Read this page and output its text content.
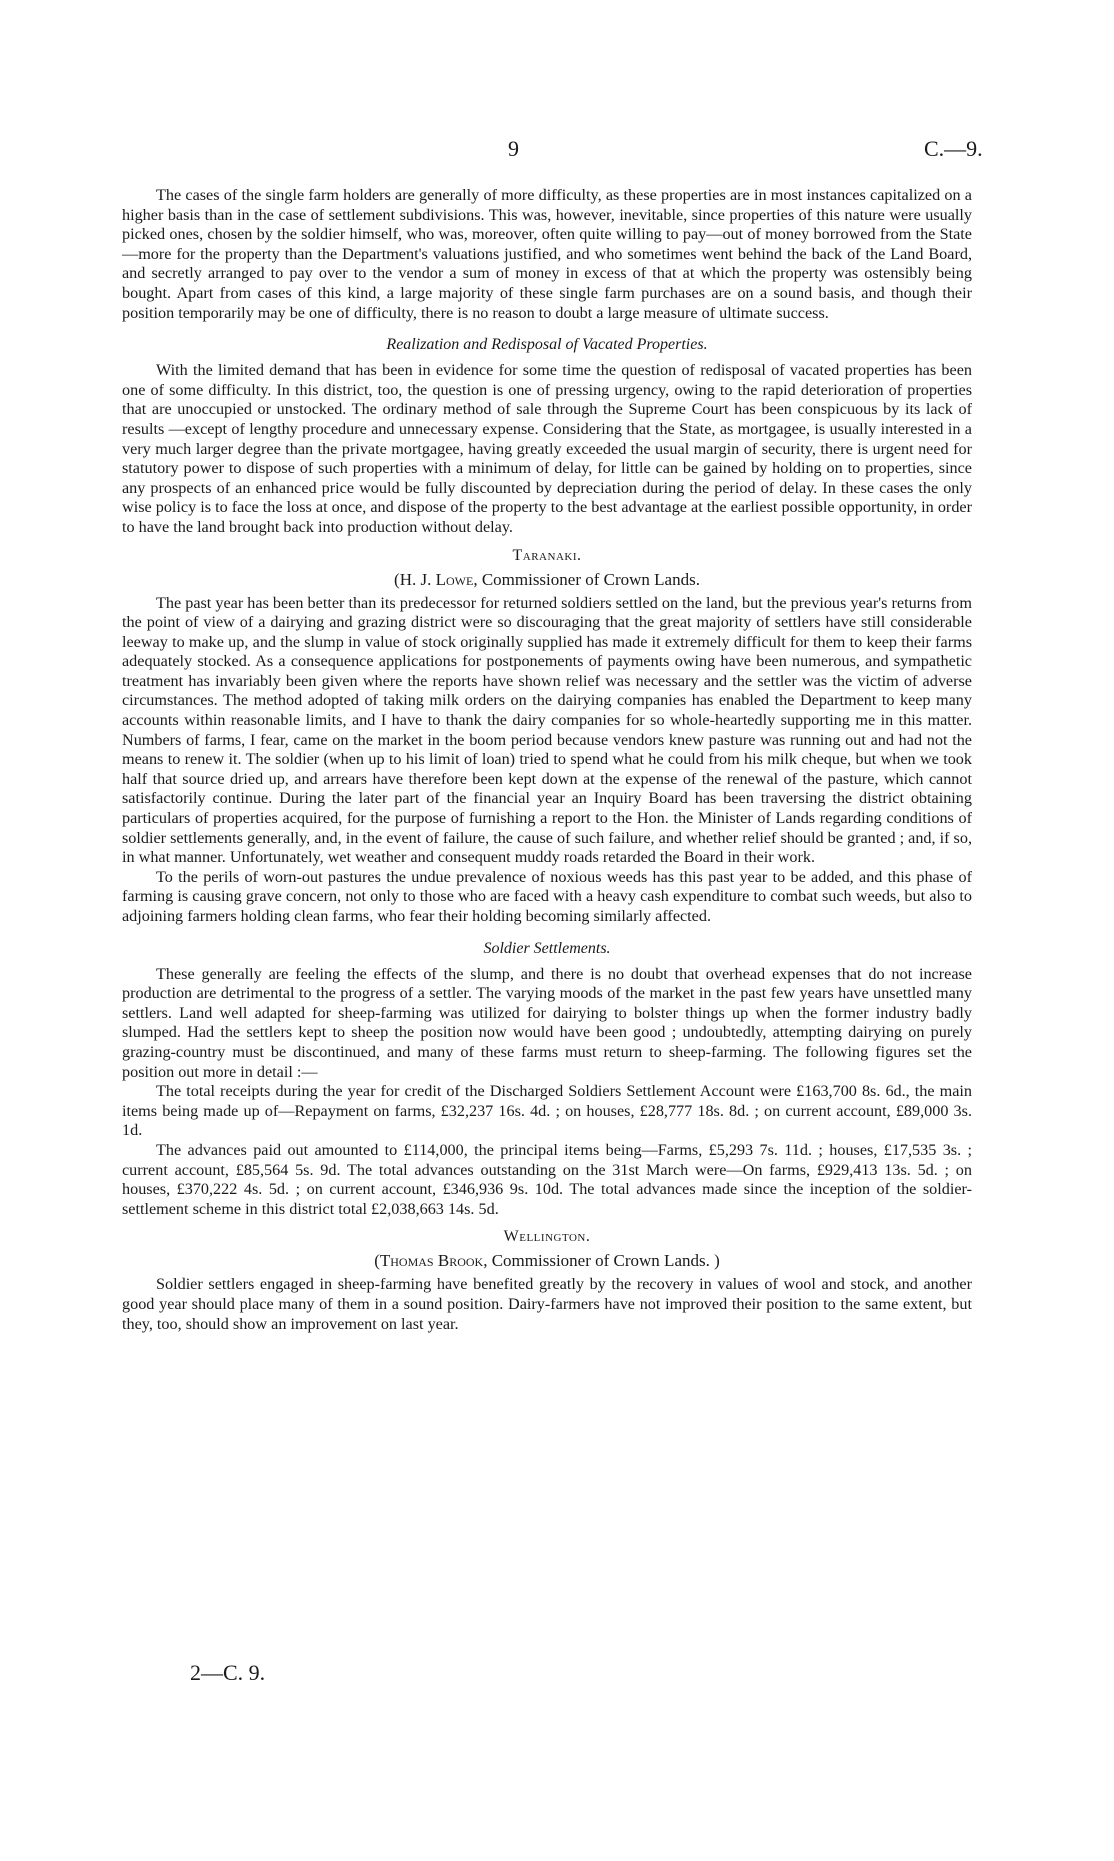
9	C.—9.

The cases of the single farm holders are generally of more difficulty, as these properties are in most instances capitalized on a higher basis than in the case of settlement subdivisions. This was, however, inevitable, since properties of this nature were usually picked ones, chosen by the soldier himself, who was, moreover, often quite willing to pay—out of money borrowed from the State—more for the property than the Department's valuations justified, and who sometimes went behind the back of the Land Board, and secretly arranged to pay over to the vendor a sum of money in excess of that at which the property was ostensibly being bought. Apart from cases of this kind, a large majority of these single farm purchases are on a sound basis, and though their position temporarily may be one of difficulty, there is no reason to doubt a large measure of ultimate success.

Realization and Redisposal of Vacated Properties.

With the limited demand that has been in evidence for some time the question of redisposal of vacated properties has been one of some difficulty. In this district, too, the question is one of pressing urgency, owing to the rapid deterioration of properties that are unoccupied or unstocked. The ordinary method of sale through the Supreme Court has been conspicuous by its lack of results —except of lengthy procedure and unnecessary expense. Considering that the State, as mortgagee, is usually interested in a very much larger degree than the private mortgagee, having greatly exceeded the usual margin of security, there is urgent need for statutory power to dispose of such properties with a minimum of delay, for little can be gained by holding on to properties, since any prospects of an enhanced price would be fully discounted by depreciation during the period of delay. In these cases the only wise policy is to face the loss at once, and dispose of the property to the best advantage at the earliest possible opportunity, in order to have the land brought back into production without delay.

Taranaki.
(H. J. Lowe, Commissioner of Crown Lands.

The past year has been better than its predecessor for returned soldiers settled on the land, but the previous year's returns from the point of view of a dairying and grazing district were so discouraging that the great majority of settlers have still considerable leeway to make up, and the slump in value of stock originally supplied has made it extremely difficult for them to keep their farms adequately stocked. As a consequence applications for postponements of payments owing have been numerous, and sympathetic treatment has invariably been given where the reports have shown relief was necessary and the settler was the victim of adverse circumstances. The method adopted of taking milk orders on the dairying companies has enabled the Department to keep many accounts within reasonable limits, and I have to thank the dairy companies for so whole-heartedly supporting me in this matter. Numbers of farms, I fear, came on the market in the boom period because vendors knew pasture was running out and had not the means to renew it. The soldier (when up to his limit of loan) tried to spend what he could from his milk cheque, but when we took half that source dried up, and arrears have therefore been kept down at the expense of the renewal of the pasture, which cannot satisfactorily continue. During the later part of the financial year an Inquiry Board has been traversing the district obtaining particulars of properties acquired, for the purpose of furnishing a report to the Hon. the Minister of Lands regarding conditions of soldier settlements generally, and, in the event of failure, the cause of such failure, and whether relief should be granted ; and, if so, in what manner. Unfortunately, wet weather and consequent muddy roads retarded the Board in their work.

To the perils of worn-out pastures the undue prevalence of noxious weeds has this past year to be added, and this phase of farming is causing grave concern, not only to those who are faced with a heavy cash expenditure to combat such weeds, but also to adjoining farmers holding clean farms, who fear their holding becoming similarly affected.

Soldier Settlements.

These generally are feeling the effects of the slump, and there is no doubt that overhead expenses that do not increase production are detrimental to the progress of a settler. The varying moods of the market in the past few years have unsettled many settlers. Land well adapted for sheep-farming was utilized for dairying to bolster things up when the former industry badly slumped. Had the settlers kept to sheep the position now would have been good ; undoubtedly, attempting dairying on purely grazing-country must be discontinued, and many of these farms must return to sheep-farming. The following figures set the position out more in detail :—

The total receipts during the year for credit of the Discharged Soldiers Settlement Account were £163,700 8s. 6d., the main items being made up of—Repayment on farms, £32,237 16s. 4d. ; on houses, £28,777 18s. 8d. ; on current account, £89,000 3s. 1d.

The advances paid out amounted to £114,000, the principal items being—Farms, £5,293 7s. 11d. ; houses, £17,535 3s. ; current account, £85,564 5s. 9d. The total advances outstanding on the 31st March were—On farms, £929,413 13s. 5d. ; on houses, £370,222 4s. 5d. ; on current account, £346,936 9s. 10d. The total advances made since the inception of the soldier-settlement scheme in this district total £2,038,663 14s. 5d.

Wellington.
(Thomas Brook, Commissioner of Crown Lands. )

Soldier settlers engaged in sheep-farming have benefited greatly by the recovery in values of wool and stock, and another good year should place many of them in a sound position. Dairy-farmers have not improved their position to the same extent, but they, too, should show an improvement on last year.

2—C. 9.
